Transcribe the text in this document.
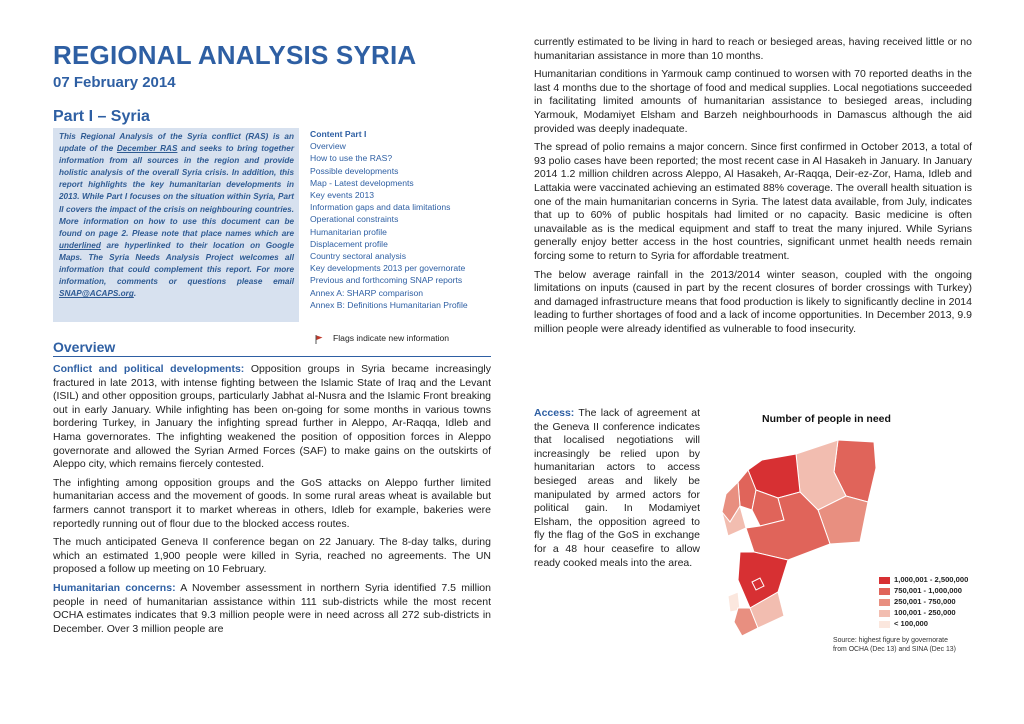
REGIONAL ANALYSIS SYRIA
07 February 2014
Part I – Syria

This Regional Analysis of the Syria conflict (RAS) is an update of the December RAS and seeks to bring together information from all sources in the region and provide holistic analysis of the overall Syria crisis. In addition, this report highlights the key humanitarian developments in 2013. While Part I focuses on the situation within Syria, Part II covers the impact of the crisis on neighbouring countries. More information on how to use this document can be found on page 2. Please note that place names which are underlined are hyperlinked to their location on Google Maps. The Syria Needs Analysis Project welcomes all information that could complement this report. For more information, comments or questions please email SNAP@ACAPS.org.

Content Part I
Overview
How to use the RAS?
Possible developments
Map - Latest developments
Key events 2013
Information gaps and data limitations
Operational constraints
Humanitarian profile
Displacement profile
Country sectoral analysis
Key developments 2013 per governorate
Previous and forthcoming SNAP reports
Annex A: SHARP comparison
Annex B: Definitions Humanitarian Profile
Flags indicate new information
Overview

Conflict and political developments: Opposition groups in Syria became increasingly fractured in late 2013, with intense fighting between the Islamic State of Iraq and the Levant (ISIL) and other opposition groups, particularly Jabhat al-Nusra and the Islamic Front breaking out in early January. While infighting has been on-going for some months in various towns bordering Turkey, in January the infighting spread further in Aleppo, Ar-Raqqa, Idleb and Hama governorates. The infighting weakened the position of opposition forces in Aleppo governorate and allowed the Syrian Armed Forces (SAF) to make gains on the outskirts of Aleppo city, which remains fiercely contested.

The infighting among opposition groups and the GoS attacks on Aleppo further limited humanitarian access and the movement of goods. In some rural areas wheat is available but farmers cannot transport it to market whereas in others, Idleb for example, bakeries were reportedly running out of flour due to the blocked access routes.

The much anticipated Geneva II conference began on 22 January. The 8-day talks, during which an estimated 1,900 people were killed in Syria, reached no agreements. The UN proposed a follow up meeting on 10 February.

Humanitarian concerns: A November assessment in northern Syria identified 7.5 million people in need of humanitarian assistance within 111 sub-districts while the most recent OCHA estimates indicates that 9.3 million people were in need across all 272 sub-districts in December. Over 3 million people are

currently estimated to be living in hard to reach or besieged areas, having received little or no humanitarian assistance in more than 10 months.

Humanitarian conditions in Yarmouk camp continued to worsen with 70 reported deaths in the last 4 months due to the shortage of food and medical supplies. Local negotiations succeeded in facilitating limited amounts of humanitarian assistance to besieged areas, including Yarmouk, Modamiyet Elsham and Barzeh neighbourhoods in Damascus although the aid provided was deeply inadequate.

The spread of polio remains a major concern. Since first confirmed in October 2013, a total of 93 polio cases have been reported; the most recent case in Al Hasakeh in January. In January 2014 1.2 million children across Aleppo, Al Hasakeh, Ar-Raqqa, Deir-ez-Zor, Hama, Idleb and Lattakia were vaccinated achieving an estimated 88% coverage. The overall health situation is one of the main humanitarian concerns in Syria. The latest data available, from July, indicates that up to 60% of public hospitals had limited or no capacity. Basic medicine is often unavailable as is the medical equipment and staff to treat the many injured. While Syrians generally enjoy better access in the host countries, significant unmet health needs remain forcing some to return to Syria for affordable treatment.

The below average rainfall in the 2013/2014 winter season, coupled with the ongoing limitations on inputs (caused in part by the recent closures of border crossings with Turkey) and damaged infrastructure means that food production is likely to significantly decline in 2014 leading to further shortages of food and a lack of income opportunities. In December 2013, 9.9 million people were already identified as vulnerable to food insecurity.

Access: The lack of agreement at the Geneva II conference indicates that localised negotiations will increasingly be relied upon by humanitarian actors to access besieged areas and likely be manipulated by armed actors for political gain. In Modamiyet Elsham, the opposition agreed to fly the flag of the GoS in exchange for a 48 hour ceasefire to allow ready cooked meals into the area.
Number of people in need
1,000,001 - 2,500,000
750,001 - 1,000,000
250,001 - 750,000
100,001 - 250,000
< 100,000
Source: highest figure by governorate
from OCHA (Dec 13) and SINA (Dec 13)
